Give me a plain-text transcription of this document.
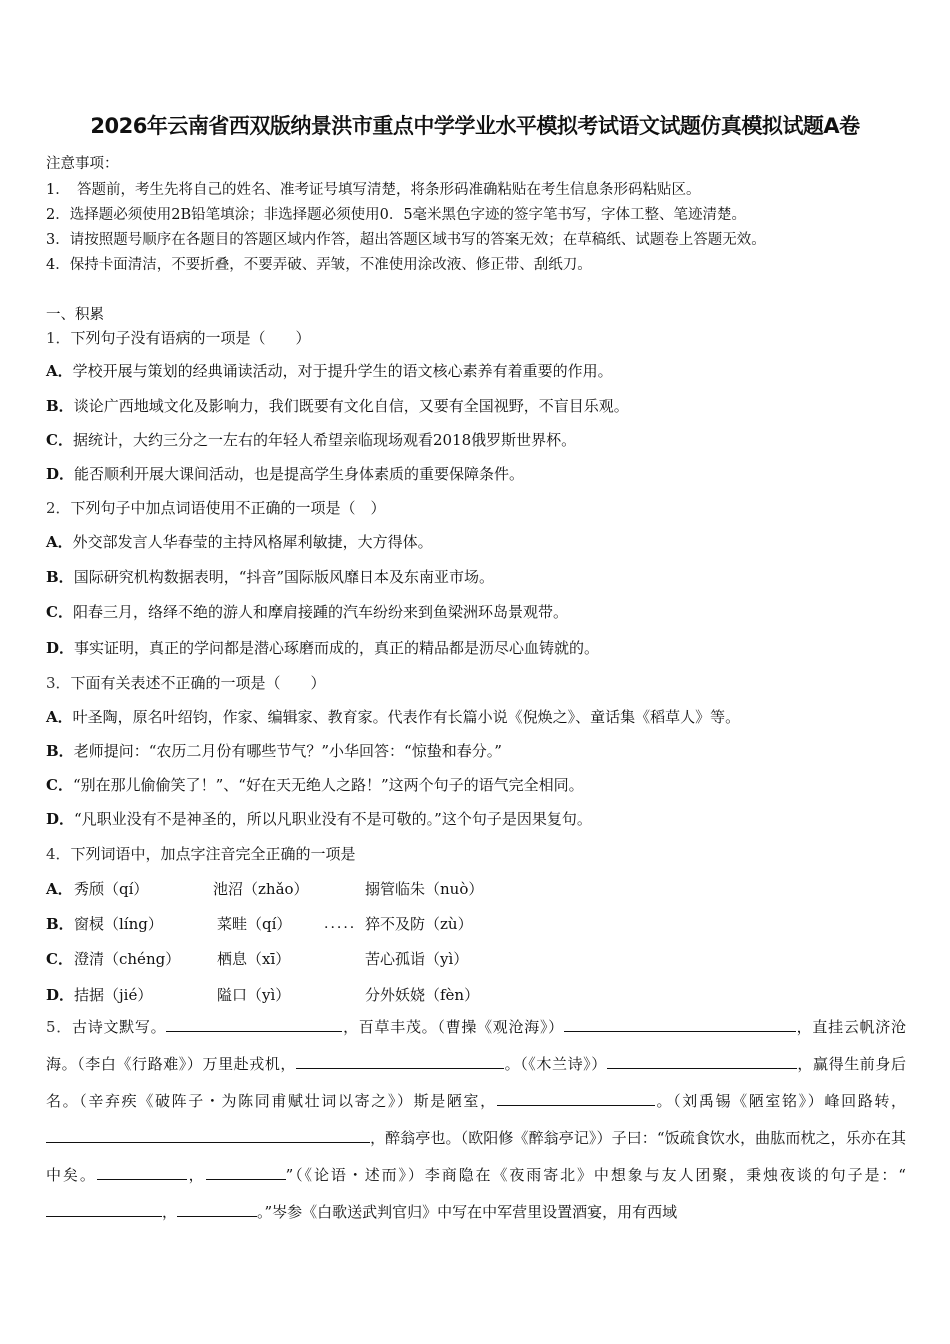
2026年云南省西双版纳景洪市重点中学学业水平模拟考试语文试题仿真模拟试题A卷
注意事项：
1．　答题前，考生先将自己的姓名、准考证号填写清楚，将条形码准确粘贴在考生信息条形码粘贴区。
2．选择题必须使用2B铅笔填涂；非选择题必须使用0．5毫米黑色字迹的签字笔书写，字体工整、笔迹清楚。
3．请按照题号顺序在各题目的答题区域内作答，超出答题区域书写的答案无效；在草稿纸、试题卷上答题无效。
4．保持卡面清洁，不要折叠，不要弄破、弄皱，不准使用涂改液、修正带、刮纸刀。
一、积累
1．下列句子没有语病的一项是（　　）
A．学校开展与策划的经典诵读活动，对于提升学生的语文核心素养有着重要的作用。
B．谈论广西地域文化及影响力，我们既要有文化自信，又要有全国视野，不盲目乐观。
C．据统计，大约三分之一左右的年轻人希望亲临现场观看2018俄罗斯世界杯。
D．能否顺利开展大课间活动，也是提高学生身体素质的重要保障条件。
2．下列句子中加点词语使用不正确的一项是（　）
A．外交部发言人华春莹的主持风格犀利敏捷，大方得体。
B．国际研究机构数据表明，“抖音”国际版风靡日本及东南亚市场。
C．阳春三月，络绎不绝的游人和摩肩接踵的汽车纷纷来到鱼梁洲环岛景观带。
D．事实证明，真正的学问都是潜心琢磨而成的，真正的精品都是沥尽心血铸就的。
3．下面有关表述不正确的一项是（　　）
A．叶圣陶，原名叶绍钧，作家、编辑家、教育家。代表作有长篇小说《倪焕之》、童话集《稻草人》等。
B．老师提问：“农历二月份有哪些节气？”小华回答：“惊蛰和春分。”
C．“别在那儿偷偷笑了！”、“好在天无绝人之路！”这两个句子的语气完全相同。
D．“凡职业没有不是神圣的，所以凡职业没有不是可敬的。”这个句子是因果复句。
4．下列词语中，加点字注音完全正确的一项是
A． 秀颀（qí）	池沼（zhǎo）	搦管临朱（nuò）
B． 窗棂（líng）	菜畦（qí） ····· 猝不及防（zù）
C． 澄清（chéng） 栖息（xī）	苦心孤诣（yì）
D． 拮据（jié）	隘口（yì）	分外妖娆（fèn）
5．古诗文默写。	，百草丰茂。（曹操《观沧海》）	，直挂云帆济沧海。（李白《行路难》）万里赴戎机，	。（《木兰诗》）	，赢得生前身后名。（辛弃疾《破阵子・为陈同甫赋壮词以寄之》）斯是陋室，	。（刘禹锡《陋室铭》）峰回路转，，醉翁亭也。（欧阳修《醉翁亭记》）子曰：“饭疏食饮水，曲肱而枕之，乐亦在其中矣。	，	”（《论语・述而》）李商隐在《夜雨寄北》中想象与友人团聚，秉烛夜谈的句子是：“，	。”岑参《白歌送武判官归》中写在中军营里设置酒宴，用有西域
